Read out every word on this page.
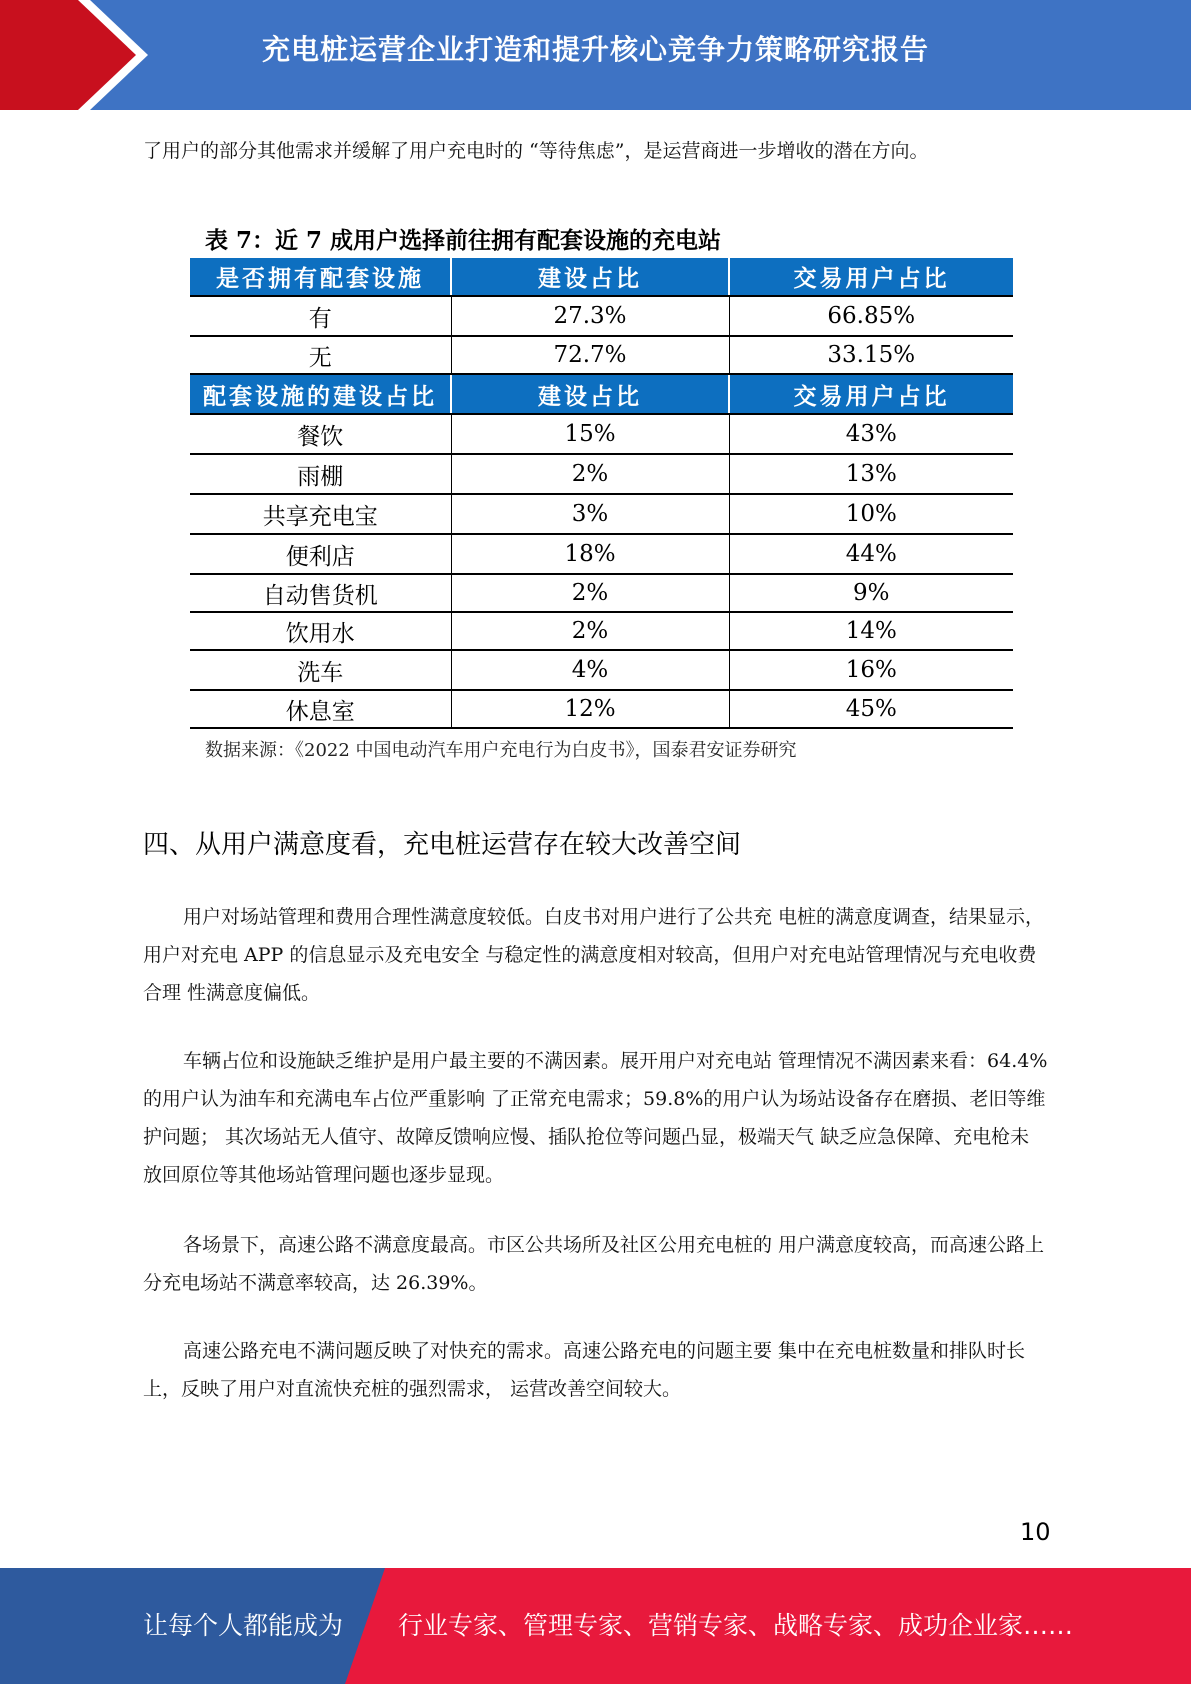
充电桩运营企业打造和提升核心竞争力策略研究报告
了用户的部分其他需求并缓解了用户充电时的 “等待焦虑”，是运营商进一步增收的潜在方向。
表 7：近 7 成用户选择前往拥有配套设施的充电站
是否拥有配套设施	建设占比	交易用户占比
有	27.3%	66.85%
无	72.7%	33.15%
配套设施的建设占比	建设占比	交易用户占比
餐饮	15%	43%
雨棚	2%	13%
共享充电宝	3%	10%
便利店	18%	44%
自动售货机	2%	9%
饮用水	2%	14%
洗车	4%	16%
休息室	12%	45%
数据来源：《2022 中国电动汽车用户充电行为白皮书》，国泰君安证券研究
四、从用户满意度看，充电桩运营存在较大改善空间
用户对场站管理和费用合理性满意度较低。白皮书对用户进行了公共充 电桩的满意度调查，结果显示，用户对充电 APP 的信息显示及充电安全 与稳定性的满意度相对较高，但用户对充电站管理情况与充电收费合理 性满意度偏低。
车辆占位和设施缺乏维护是用户最主要的不满因素。展开用户对充电站 管理情况不满因素来看：64.4%的用户认为油车和充满电车占位严重影响 了正常充电需求；59.8%的用户认为场站设备存在磨损、老旧等维护问题； 其次场站无人值守、故障反馈响应慢、插队抢位等问题凸显，极端天气 缺乏应急保障、充电枪未放回原位等其他场站管理问题也逐步显现。
各场景下，高速公路不满意度最高。市区公共场所及社区公用充电桩的 用户满意度较高，而高速公路上分充电场站不满意率较高，达 26.39%。
高速公路充电不满问题反映了对快充的需求。高速公路充电的问题主要 集中在充电桩数量和排队时长上，反映了用户对直流快充桩的强烈需求， 运营改善空间较大。
10
让每个人都能成为 行业专家、管理专家、营销专家、战略专家、成功企业家……
